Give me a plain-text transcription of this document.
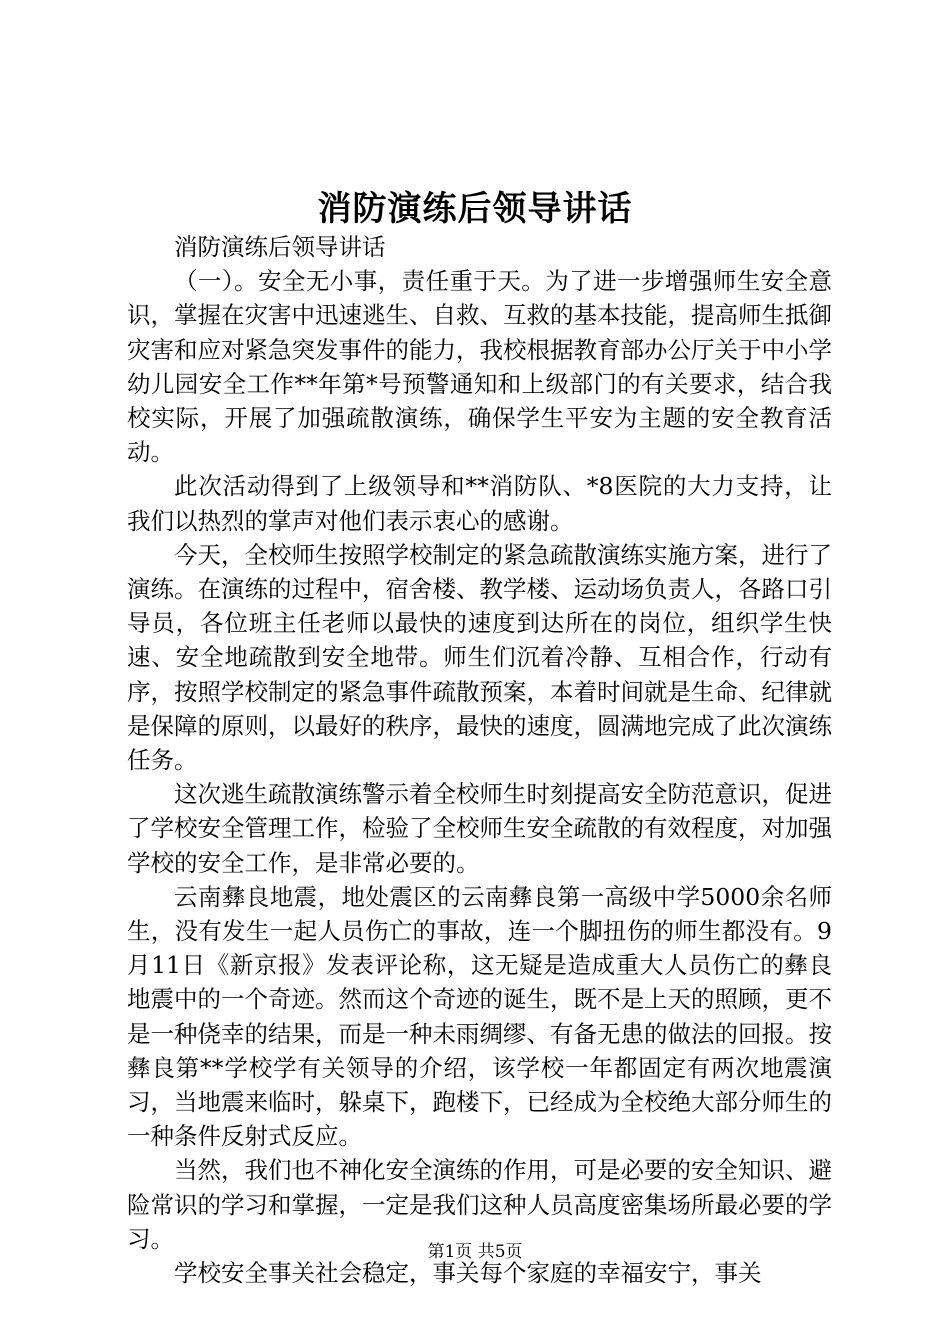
消防演练后领导讲话

消防演练后领导讲话

（一）。安全无小事，责任重于天。为了进一步增强师生安全意识，掌握在灾害中迅速逃生、自救、互救的基本技能，提高师生抵御灾害和应对紧急突发事件的能力，我校根据教育部办公厅关于中小学幼儿园安全工作**年第*号预警通知和上级部门的有关要求，结合我校实际，开展了加强疏散演练，确保学生平安为主题的安全教育活动。

此次活动得到了上级领导和**消防队、*8医院的大力支持，让我们以热烈的掌声对他们表示衷心的感谢。

今天，全校师生按照学校制定的紧急疏散演练实施方案，进行了演练。在演练的过程中，宿舍楼、教学楼、运动场负责人，各路口引导员，各位班主任老师以最快的速度到达所在的岗位，组织学生快速、安全地疏散到安全地带。师生们沉着冷静、互相合作，行动有序，按照学校制定的紧急事件疏散预案，本着时间就是生命、纪律就是保障的原则，以最好的秩序，最快的速度，圆满地完成了此次演练任务。

这次逃生疏散演练警示着全校师生时刻提高安全防范意识，促进了学校安全管理工作，检验了全校师生安全疏散的有效程度，对加强学校的安全工作，是非常必要的。

云南彝良地震，地处震区的云南彝良第一高级中学5000余名师生，没有发生一起人员伤亡的事故，连一个脚扭伤的师生都没有。9月11日《新京报》发表评论称，这无疑是造成重大人员伤亡的彝良地震中的一个奇迹。然而这个奇迹的诞生，既不是上天的照顾，更不是一种侥幸的结果，而是一种未雨绸缪、有备无患的做法的回报。按彝良第**学校学有关领导的介绍，该学校一年都固定有两次地震演习，当地震来临时，躲桌下，跑楼下，已经成为全校绝大部分师生的一种条件反射式反应。

当然，我们也不神化安全演练的作用，可是必要的安全知识、避险常识的学习和掌握，一定是我们这种人员高度密集场所最必要的学习。

学校安全事关社会稳定，事关每个家庭的幸福安宁，事关

第1页 共5页
